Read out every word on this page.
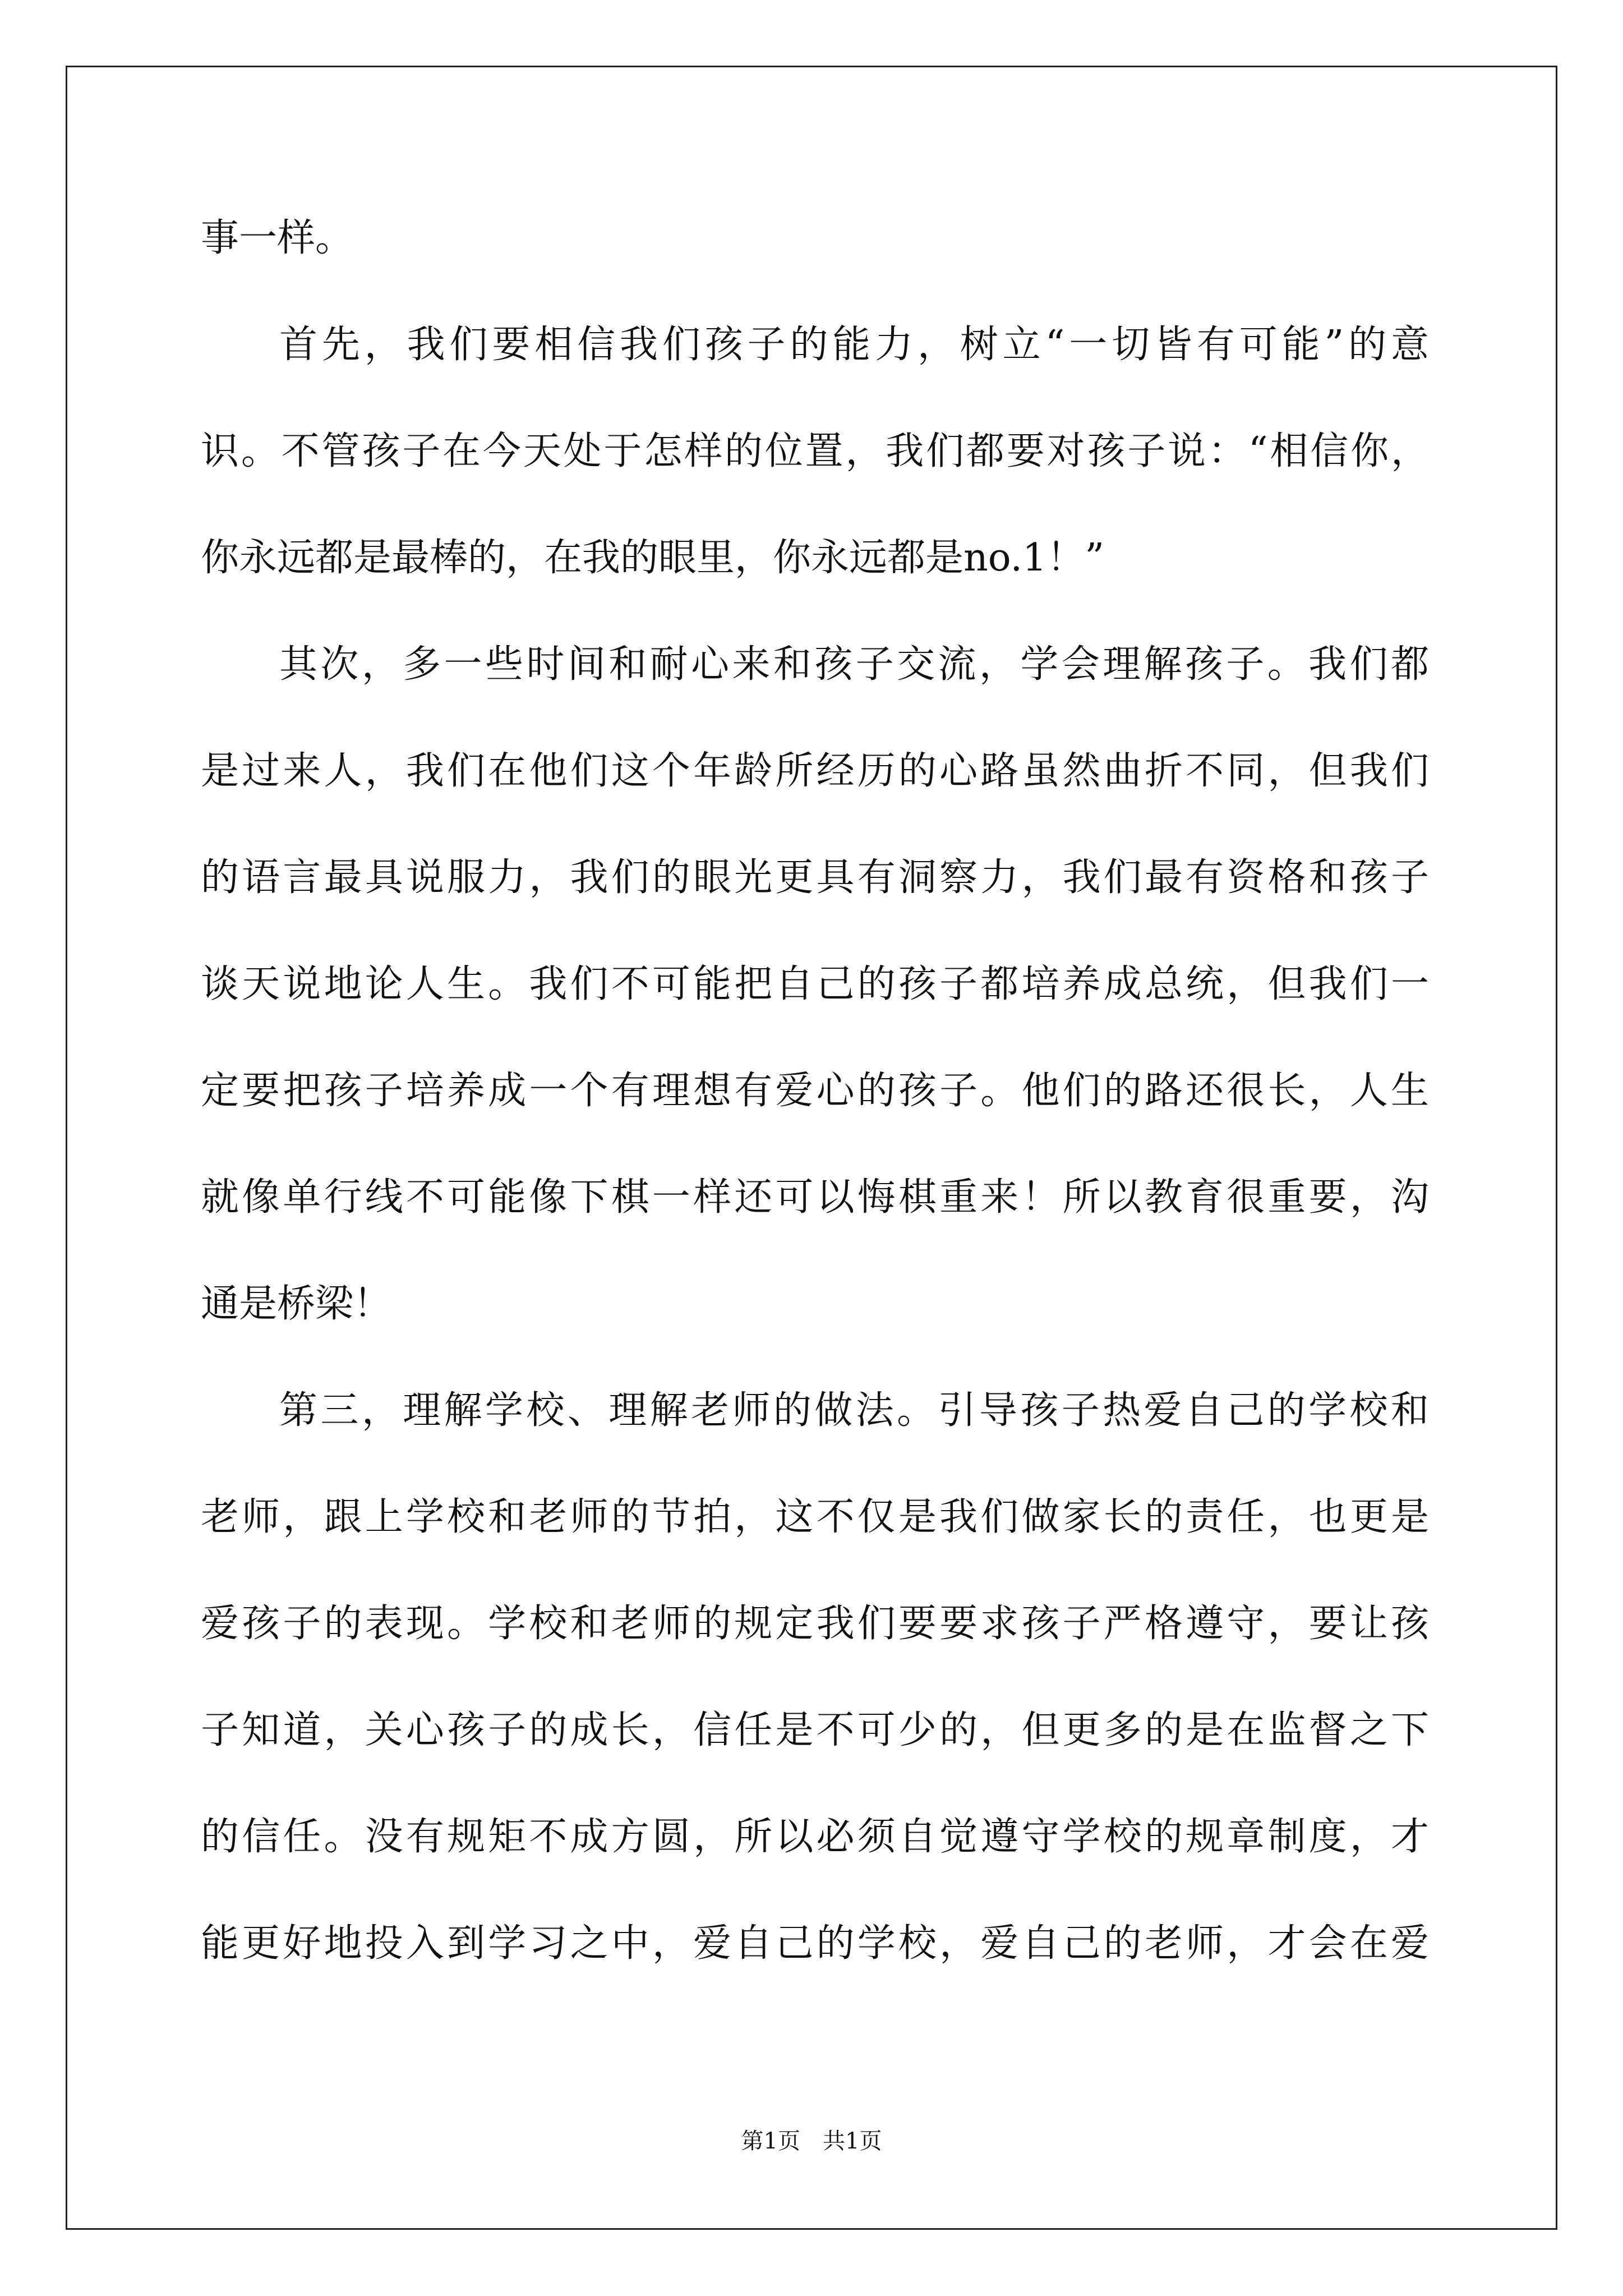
事一样。
首先，我们要相信我们孩子的能力，树立“一切皆有可能”的意
识。不管孩子在今天处于怎样的位置，我们都要对孩子说：“相信你，
你永远都是最棒的，在我的眼里，你永远都是no.1！”
其次，多一些时间和耐心来和孩子交流，学会理解孩子。我们都
是过来人，我们在他们这个年龄所经历的心路虽然曲折不同，但我们
的语言最具说服力，我们的眼光更具有洞察力，我们最有资格和孩子
谈天说地论人生。我们不可能把自己的孩子都培养成总统，但我们一
定要把孩子培养成一个有理想有爱心的孩子。他们的路还很长，人生
就像单行线不可能像下棋一样还可以悔棋重来！所以教育很重要，沟
通是桥梁！
第三，理解学校、理解老师的做法。引导孩子热爱自己的学校和
老师，跟上学校和老师的节拍，这不仅是我们做家长的责任，也更是
爱孩子的表现。学校和老师的规定我们要要求孩子严格遵守，要让孩
子知道，关心孩子的成长，信任是不可少的，但更多的是在监督之下
的信任。没有规矩不成方圆，所以必须自觉遵守学校的规章制度，才
能更好地投入到学习之中，爱自己的学校，爱自己的老师，才会在爱
第1页 共1页
